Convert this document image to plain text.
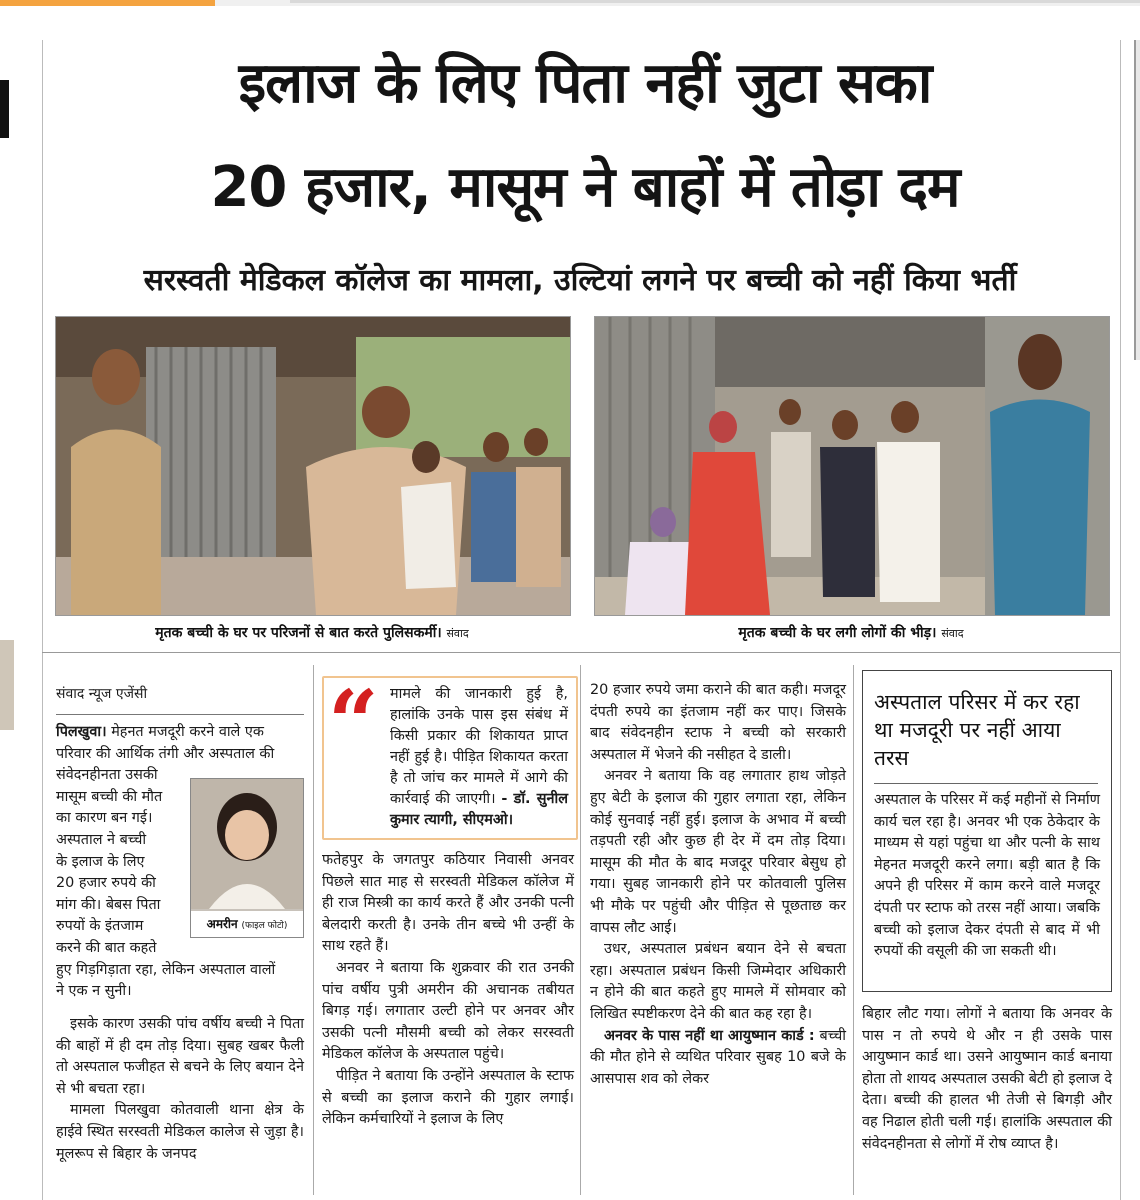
इलाज के लिए पिता नहीं जुटा सका
20 हजार, मासूम ने बाहों में तोड़ा दम
सरस्वती मेडिकल कॉलेज का मामला, उल्टियां लगने पर बच्ची को नहीं किया भर्ती
मृतक बच्ची के घर पर परिजनों से बात करते पुलिसकर्मी। संवाद	मृतक बच्ची के घर लगी लोगों की भीड़। संवाद
संवाद न्यूज एजेंसी
पिलखुवा। मेहनत मजदूरी करने वाले एक
परिवार की आर्थिक तंगी और अस्पताल की
संवेदनहीनता उसकी
मासूम बच्ची की मौत
का कारण बन गई।
अस्पताल ने बच्ची
के इलाज के लिए
20 हजार रुपये की
मांग की। बेबस पिता
रुपयों के इंतजाम
करने की बात कहते
हुए गिड़गिड़ाता रहा, लेकिन अस्पताल वालों
ने एक न सुनी।
अमरीन (फाइल फोटो)

इसके कारण उसकी पांच वर्षीय बच्ची ने पिता की बाहों में ही दम तोड़ दिया। सुबह खबर फैली तो अस्पताल फजीहत से बचने के लिए बयान देने से भी बचता रहा।

मामला पिलखुवा कोतवाली थाना क्षेत्र के हाईवे स्थित सरस्वती मेडिकल कालेज से जुड़ा है। मूलरूप से बिहार के जनपद

“ मामले की जानकारी हुई है, हालांकि उनके पास इस संबंध में किसी प्रकार की शिकायत प्राप्त नहीं हुई है। पीड़ित शिकायत करता है तो जांच कर मामले में आगे की कार्रवाई की जाएगी। - डॉ. सुनील कुमार त्यागी, सीएमओ।

फतेहपुर के जगतपुर कठियार निवासी अनवर पिछले सात माह से सरस्वती मेडिकल कॉलेज में ही राज मिस्त्री का कार्य करते हैं और उनकी पत्नी बेलदारी करती है। उनके तीन बच्चे भी उन्हीं के साथ रहते हैं।

अनवर ने बताया कि शुक्रवार की रात उनकी पांच वर्षीय पुत्री अमरीन की अचानक तबीयत बिगड़ गई। लगातार उल्टी होने पर अनवर और उसकी पत्नी मौसमी बच्ची को लेकर सरस्वती मेडिकल कॉलेज के अस्पताल पहुंचे।

पीड़ित ने बताया कि उन्होंने अस्पताल के स्टाफ से बच्ची का इलाज कराने की गुहार लगाई। लेकिन कर्मचारियों ने इलाज के लिए

20 हजार रुपये जमा कराने की बात कही। मजदूर दंपती रुपये का इंतजाम नहीं कर पाए। जिसके बाद संवेदनहीन स्टाफ ने बच्ची को सरकारी अस्पताल में भेजने की नसीहत दे डाली।

अनवर ने बताया कि वह लगातार हाथ जोड़ते हुए बेटी के इलाज की गुहार लगाता रहा, लेकिन कोई सुनवाई नहीं हुई। इलाज के अभाव में बच्ची तड़पती रही और कुछ ही देर में दम तोड़ दिया। मासूम की मौत के बाद मजदूर परिवार बेसुध हो गया। सुबह जानकारी होने पर कोतवाली पुलिस भी मौके पर पहुंची और पीड़ित से पूछताछ कर वापस लौट आई।

उधर, अस्पताल प्रबंधन बयान देने से बचता रहा। अस्पताल प्रबंधन किसी जिम्मेदार अधिकारी न होने की बात कहते हुए मामले में सोमवार को लिखित स्पष्टीकरण देने की बात कह रहा है।

अनवर के पास नहीं था आयुष्मान कार्ड : बच्ची की मौत होने से व्यथित परिवार सुबह 10 बजे के आसपास शव को लेकर

अस्पताल परिसर में कर रहा था मजदूरी पर नहीं आया तरस

अस्पताल के परिसर में कई महीनों से निर्माण कार्य चल रहा है। अनवर भी एक ठेकेदार के माध्यम से यहां पहुंचा था और पत्नी के साथ मेहनत मजदूरी करने लगा। बड़ी बात है कि अपने ही परिसर में काम करने वाले मजदूर दंपती पर स्टाफ को तरस नहीं आया। जबकि बच्ची को इलाज देकर दंपती से बाद में भी रुपयों की वसूली की जा सकती थी।

बिहार लौट गया। लोगों ने बताया कि अनवर के पास न तो रुपये थे और न ही उसके पास आयुष्मान कार्ड था। उसने आयुष्मान कार्ड बनाया होता तो शायद अस्पताल उसकी बेटी हो इलाज दे देता। बच्ची की हालत भी तेजी से बिगड़ी और वह निढाल होती चली गई। हालांकि अस्पताल की संवेदनहीनता से लोगों में रोष व्याप्त है।
